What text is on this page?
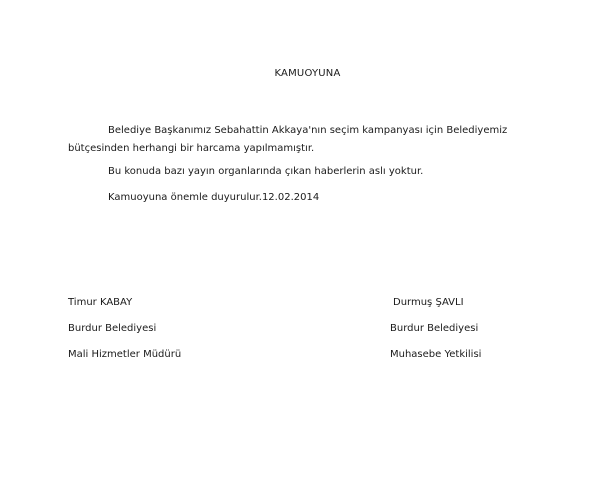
KAMUOYUNA
Belediye Başkanımız Sebahattin Akkaya'nın seçim kampanyası için Belediyemiz bütçesinden herhangi bir harcama yapılmamıştır.
Bu konuda bazı yayın organlarında çıkan haberlerin aslı yoktur.
Kamuoyuna önemle duyurulur.12.02.2014
Timur KABAY
Burdur Belediyesi
Mali Hizmetler Müdürü
Durmuş ŞAVLI
Burdur Belediyesi
Muhasebe Yetkilisi
